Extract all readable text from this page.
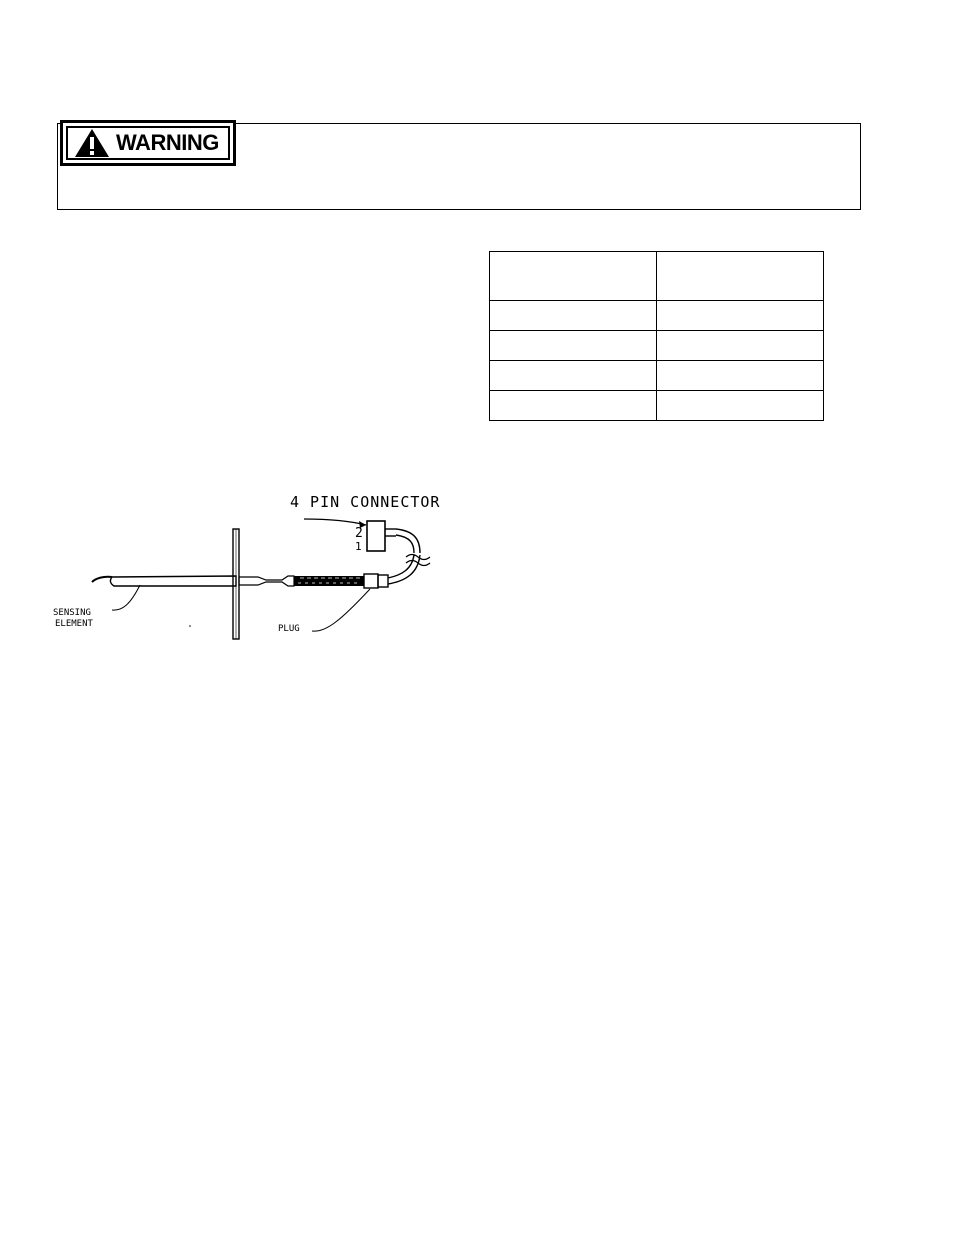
WARNING

4 PIN CONNECTOR
2
1
SENSING
ELEMENT	PLUG
